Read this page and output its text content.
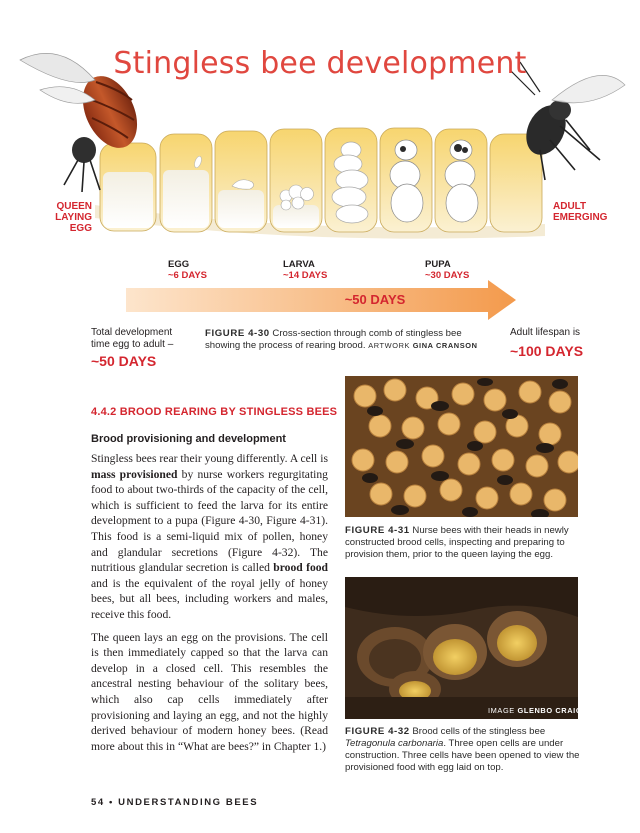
Stingless bee development
QUEEN
LAYING
EGG
ADULT
EMERGING
EGG
~6 DAYS
LARVA
~14 DAYS
PUPA
~30 DAYS
~50 DAYS
Total development
time egg to adult –
~50 DAYS
FIGURE 4-30 Cross-section through comb of stingless bee showing the process of rearing brood. ARTWORK GINA CRANSON
Adult lifespan is
~100 DAYS
4.4.2 BROOD REARING BY STINGLESS BEES
Brood provisioning and development

Stingless bees rear their young differently. A cell is mass provisioned by nurse workers regurgitating food to about two-thirds of the capacity of the cell, which is sufficient to feed the larva for its entire development to a pupa (Figure 4-30, Figure 4-31). This food is a semi-liquid mix of pollen, honey and glandular secretions (Figure 4-32). The nutritious glandular secretion is called brood food and is the equivalent of the royal jelly of honey bees, but all bees, including workers and males, receive this food.

The queen lays an egg on the provisions. The cell is then immediately capped so that the larva can develop in a closed cell. This resembles the ancestral nesting behaviour of the solitary bees, which also cap cells immediately after provisioning and laying an egg, and not the highly derived behaviour of modern honey bees. (Read more about this in “What are bees?” in Chapter 1.)

FIGURE 4-31 Nurse bees with their heads in newly constructed brood cells, inspecting and preparing to provision them, prior to the queen laying the egg.
IMAGE GLENBO CRAIG
FIGURE 4-32 Brood cells of the stingless bee Tetragonula carbonaria. Three open cells are under construction. Three cells have been opened to view the provisioned food with egg laid on top.
54 • UNDERSTANDING BEES
